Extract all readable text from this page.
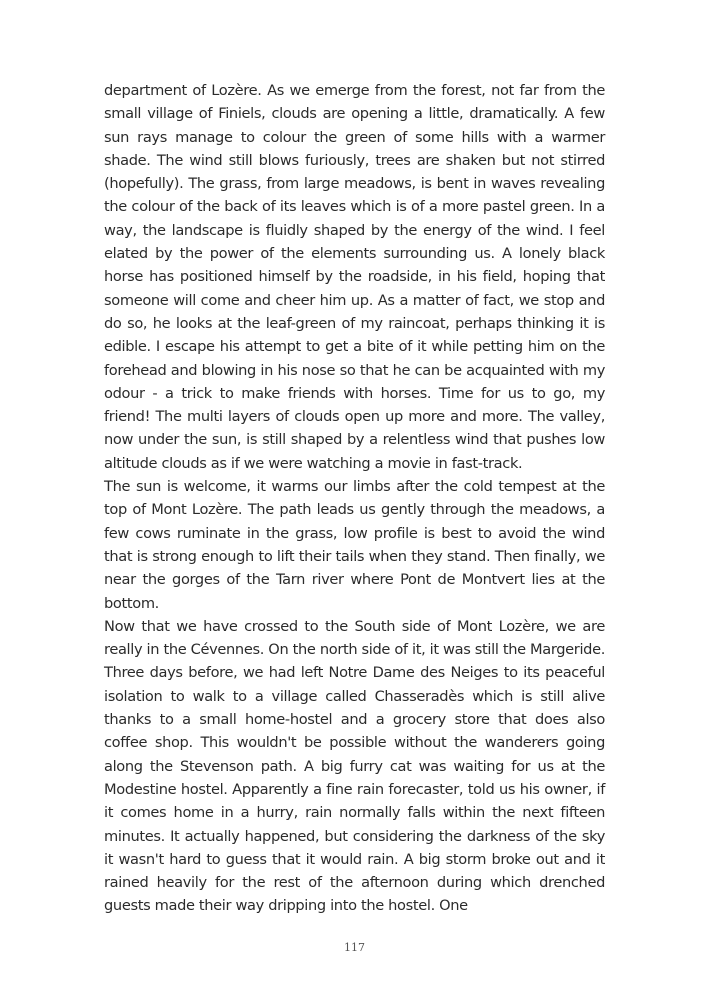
department of Lozère. As we emerge from the forest, not far from the small village of Finiels, clouds are opening a little, dramatically. A few sun rays manage to colour the green of some hills with a warmer shade. The wind still blows furiously, trees are shaken but not stirred (hopefully). The grass, from large meadows, is bent in waves revealing the colour of the back of its leaves which is of a more pastel green. In a way, the landscape is fluidly shaped by the energy of the wind. I feel elated by the power of the elements surrounding us. A lonely black horse has positioned himself by the roadside, in his field, hoping that someone will come and cheer him up. As a matter of fact, we stop and do so, he looks at the leaf-green of my raincoat, perhaps thinking it is edible. I escape his attempt to get a bite of it while petting him on the forehead and blowing in his nose so that he can be acquainted with my odour - a trick to make friends with horses. Time for us to go, my friend! The multi layers of clouds open up more and more. The valley, now under the sun, is still shaped by a relentless wind that pushes low altitude clouds as if we were watching a movie in fast-track.

The sun is welcome, it warms our limbs after the cold tempest at the top of Mont Lozère. The path leads us gently through the meadows, a few cows ruminate in the grass, low profile is best to avoid the wind that is strong enough to lift their tails when they stand. Then finally, we near the gorges of the Tarn river where Pont de Montvert lies at the bottom.

Now that we have crossed to the South side of Mont Lozère, we are really in the Cévennes. On the north side of it, it was still the Margeride. Three days before, we had left Notre Dame des Neiges to its peaceful isolation to walk to a village called Chasseradès which is still alive thanks to a small home-hostel and a grocery store that does also coffee shop. This wouldn't be possible without the wanderers going along the Stevenson path. A big furry cat was waiting for us at the Modestine hostel. Apparently a fine rain forecaster, told us his owner, if it comes home in a hurry, rain normally falls within the next fifteen minutes. It actually happened, but considering the darkness of the sky it wasn't hard to guess that it would rain. A big storm broke out and it rained heavily for the rest of the afternoon during which drenched guests made their way dripping into the hostel. One

117
